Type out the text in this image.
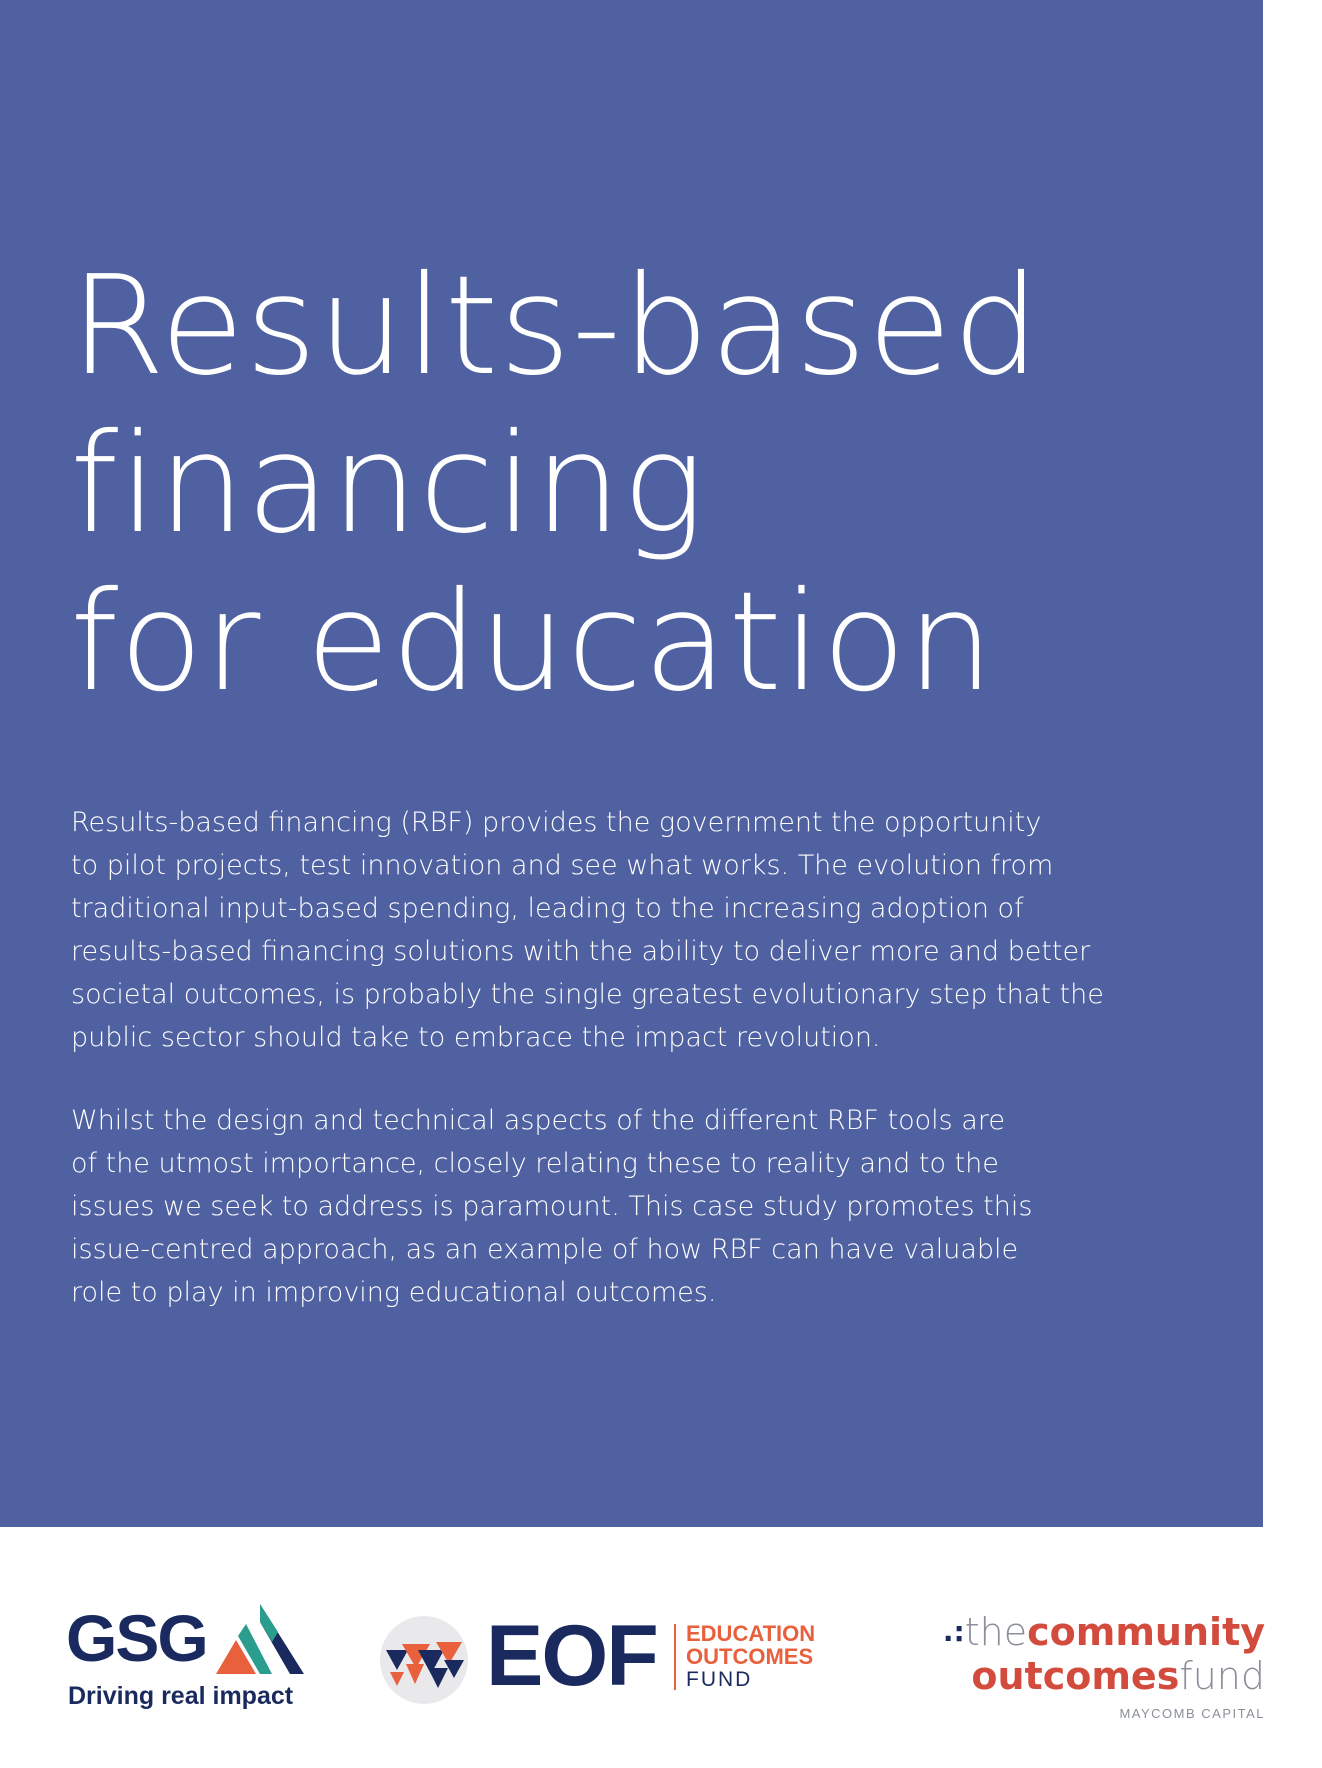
Results-based
financing
for education

Results-based financing (RBF) provides the government the opportunity
to pilot projects, test innovation and see what works. The evolution from
traditional input-based spending, leading to the increasing adoption of
results-based financing solutions with the ability to deliver more and better
societal outcomes, is probably the single greatest evolutionary step that the
public sector should take to embrace the impact revolution.

Whilst the design and technical aspects of the different RBF tools are
of the utmost importance, closely relating these to reality and to the
issues we seek to address is paramount. This case study promotes this
issue-centred approach, as an example of how RBF can have valuable
role to play in improving educational outcomes.

GSG
Driving real impact EOF EDUCATION
OUTCOMES
FUND
.:thecommunity
outcomesfund
MAYCOMB CAPITAL
